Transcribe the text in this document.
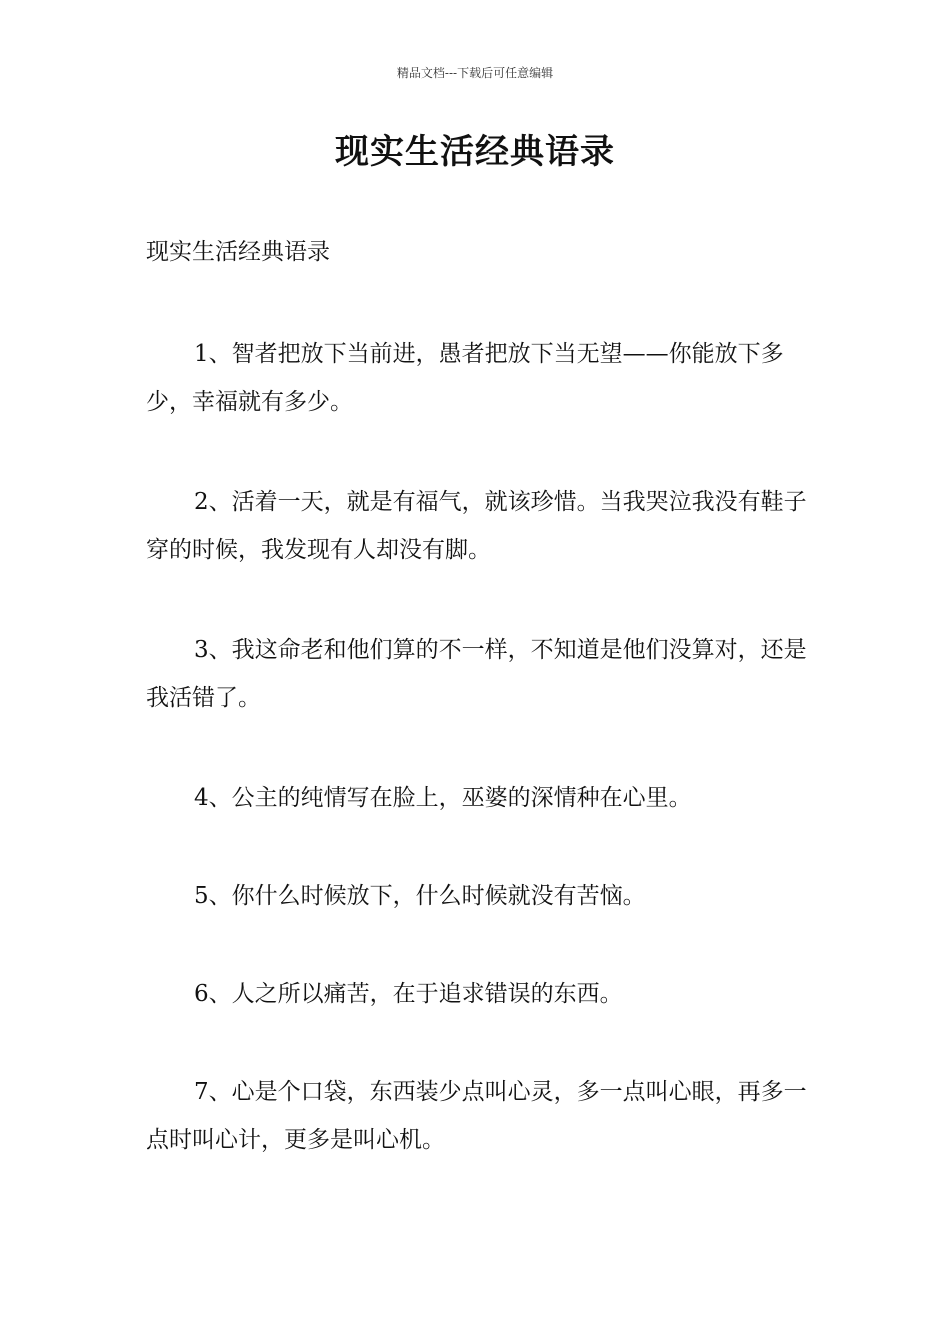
精品文档---下载后可任意编辑
现实生活经典语录
现实生活经典语录

1、智者把放下当前进，愚者把放下当无望——你能放下多少，幸福就有多少。

2、活着一天，就是有福气，就该珍惜。当我哭泣我没有鞋子穿的时候，我发现有人却没有脚。

3、我这命老和他们算的不一样，不知道是他们没算对，还是我活错了。

4、公主的纯情写在脸上，巫婆的深情种在心里。

5、你什么时候放下，什么时候就没有苦恼。

6、人之所以痛苦，在于追求错误的东西。

7、心是个口袋，东西装少点叫心灵，多一点叫心眼，再多一点时叫心计，更多是叫心机。
